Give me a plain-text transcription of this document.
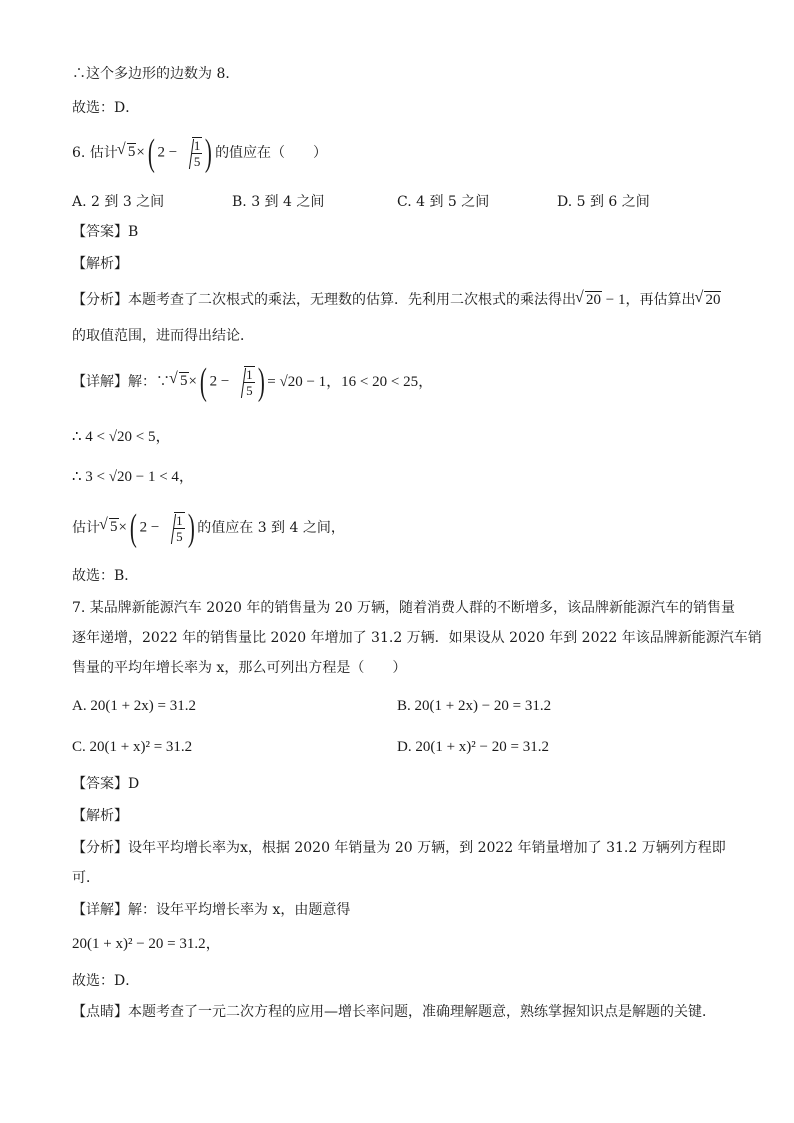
∴这个多边形的边数为 8．
故选：D．
6. 估计 √ 5×( $2 - \frac{1}{5}$ ) 的值应在（　　）
A. 2 到 3 之间	B. 3 到 4 之间	C. 4 到 5 之间	D. 5 到 6 之间
【答案】B
【解析】
【分析】本题考查了二次根式的乘法，无理数的估算．先利用二次根式的乘法得出 √ 20 − 1，再估算出 √ 20
的取值范围，进而得出结论．
【详解】 解：∵ √ 5×( $2 - \frac{1}{5}$ ) = √20 − 1，16 < 20 < 25，
∴ 4 < √20 < 5，
∴ 3 < √20 − 1 < 4，
估计 √ 5×( $2 - \frac{1}{5}$ ) 的值应在 3 到 4 之间，
故选：B．
7. 某品牌新能源汽车 2020 年的销售量为 20 万辆，随着消费人群的不断增多，该品牌新能源汽车的销售量
逐年递增，2022 年的销售量比 2020 年增加了 31.2 万辆．如果设从 2020 年到 2022 年该品牌新能源汽车销
售量的平均年增长率为 x，那么可列出方程是（　　）
A. 20(1 + 2x) = 31.2	B. 20(1 + 2x) − 20 = 31.2
C. 20(1 + x)² = 31.2	D. 20(1 + x)² − 20 = 31.2
【答案】D
【解析】
【分析】设年平均增长率为x，根据 2020 年销量为 20 万辆，到 2022 年销量增加了 31.2 万辆列方程即
可．
【详解】解：设年平均增长率为 x，由题意得
20(1 + x)² − 20 = 31.2，
故选：D．
【点睛】本题考查了一元二次方程的应用—增长率问题，准确理解题意，熟练掌握知识点是解题的关键．
